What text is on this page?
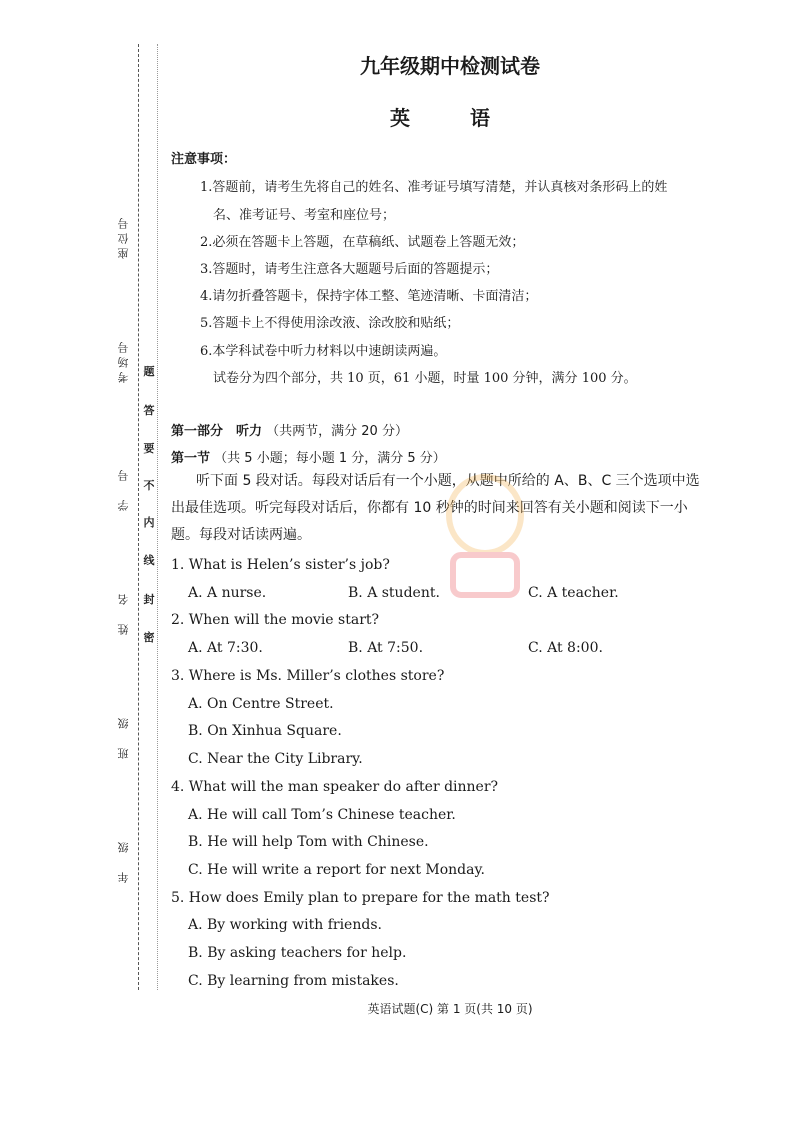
座位号
考场号
学　号
姓　名
班　级
年　级
题
答
要
不
内
线
封
密
九年级期中检测试卷
英　语
注意事项：
1.答题前，请考生先将自己的姓名、准考证号填写清楚，并认真核对条形码上的姓
名、准考证号、考室和座位号；
2.必须在答题卡上答题，在草稿纸、试题卷上答题无效；
3.答题时，请考生注意各大题题号后面的答题提示；
4.请勿折叠答题卡，保持字体工整、笔迹清晰、卡面清洁；
5.答题卡上不得使用涂改液、涂改胶和贴纸；
6.本学科试卷中听力材料以中速朗读两遍。
试卷分为四个部分，共 10 页，61 小题，时量 100 分钟，满分 100 分。
第一部分　听力 （共两节，满分 20 分）
第一节 （共 5 小题；每小题 1 分，满分 5 分）
听下面 5 段对话。每段对话后有一个小题，从题中所给的 A、B、C 三个选项中选出最佳选项。听完每段对话后，你都有 10 秒钟的时间来回答有关小题和阅读下一小题。每段对话读两遍。
1. What is Helen’s sister’s job?
A. A nurse.	B. A student.	C. A teacher.
2. When will the movie start?
A. At 7:30.	B. At 7:50.	C. At 8:00.
3. Where is Ms. Miller’s clothes store?
A. On Centre Street.
B. On Xinhua Square.
C. Near the City Library.
4. What will the man speaker do after dinner?
A. He will call Tom’s Chinese teacher.
B. He will help Tom with Chinese.
C. He will write a report for next Monday.
5. How does Emily plan to prepare for the math test?
A. By working with friends.
B. By asking teachers for help.
C. By learning from mistakes.
英语试题(C) 第 1 页(共 10 页)
